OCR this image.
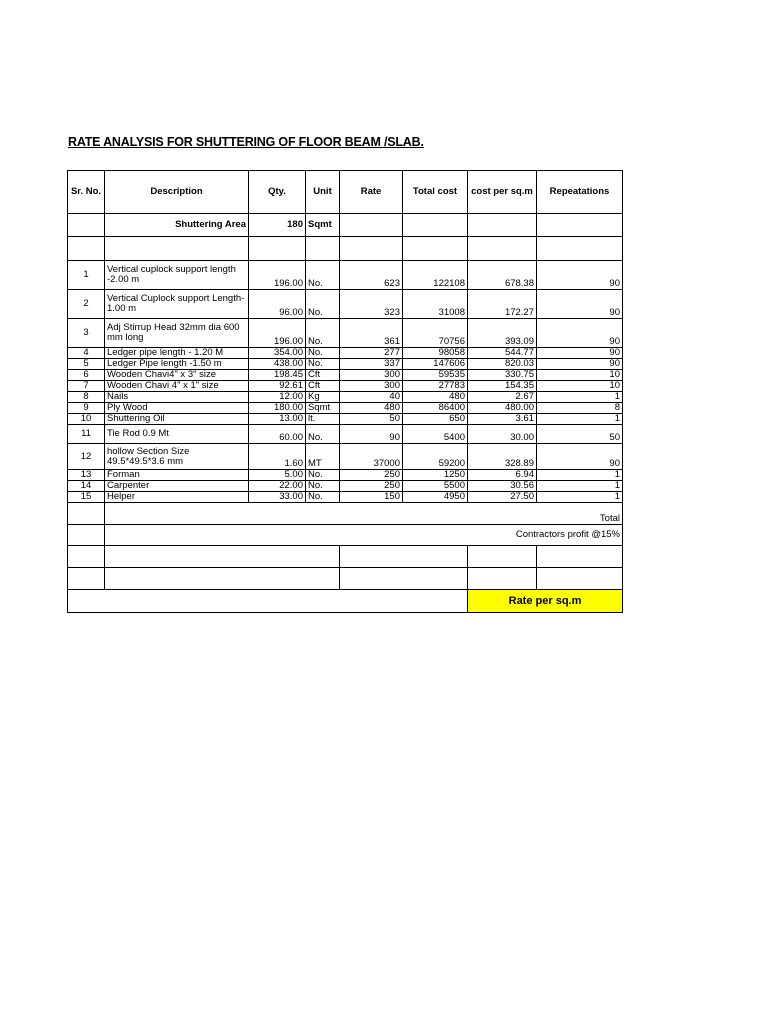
RATE ANALYSIS FOR SHUTTERING OF FLOOR BEAM /SLAB.
Sr. No.	Description	Qty.	Unit	Rate	Total cost	cost per sq.m	Repeatations
	Shuttering Area	180	Sqmt				

1	Vertical cuplock support length -2.00 m	196.00	No.	623	122108	678.38	90
2	Vertical Cuplock support Length-1.00 m	96.00	No.	323	31008	172.27	90
3	Adj Stirrup Head 32mm dia 600 mm long	196.00	No.	361	70756	393.09	90
4	Ledger pipe length - 1.20 M	354.00	No.	277	98058	544.77	90
5	Ledger Pipe length -1.50 m	438.00	No.	337	147606	820.03	90
6	Wooden Chavi4" x 3" size	198.45	Cft	300	59535	330.75	10
7	Wooden Chavi 4" x 1" size	92.61	Cft	300	27783	154.35	10
8	Nails	12.00	Kg	40	480	2.67	1
9	Ply Wood	180.00	Sqmt	480	86400	480.00	8
10	Shuttering Oil	13.00	lt.	50	650	3.61	1
11	Tie Rod 0.9 Mt	60.00	No.	90	5400	30.00	50
12	hollow Section Size 49.5*49.5*3.6 mm	1.60	MT	37000	59200	328.89	90
13	Forman	5.00	No.	250	1250	6.94	1
14	Carpenter	22.00	No.	250	5500	30.56	1
15	Helper	33.00	No.	150	4950	27.50	1
	Total						
	Contractors profit @15%						

						Rate per sq.m	
